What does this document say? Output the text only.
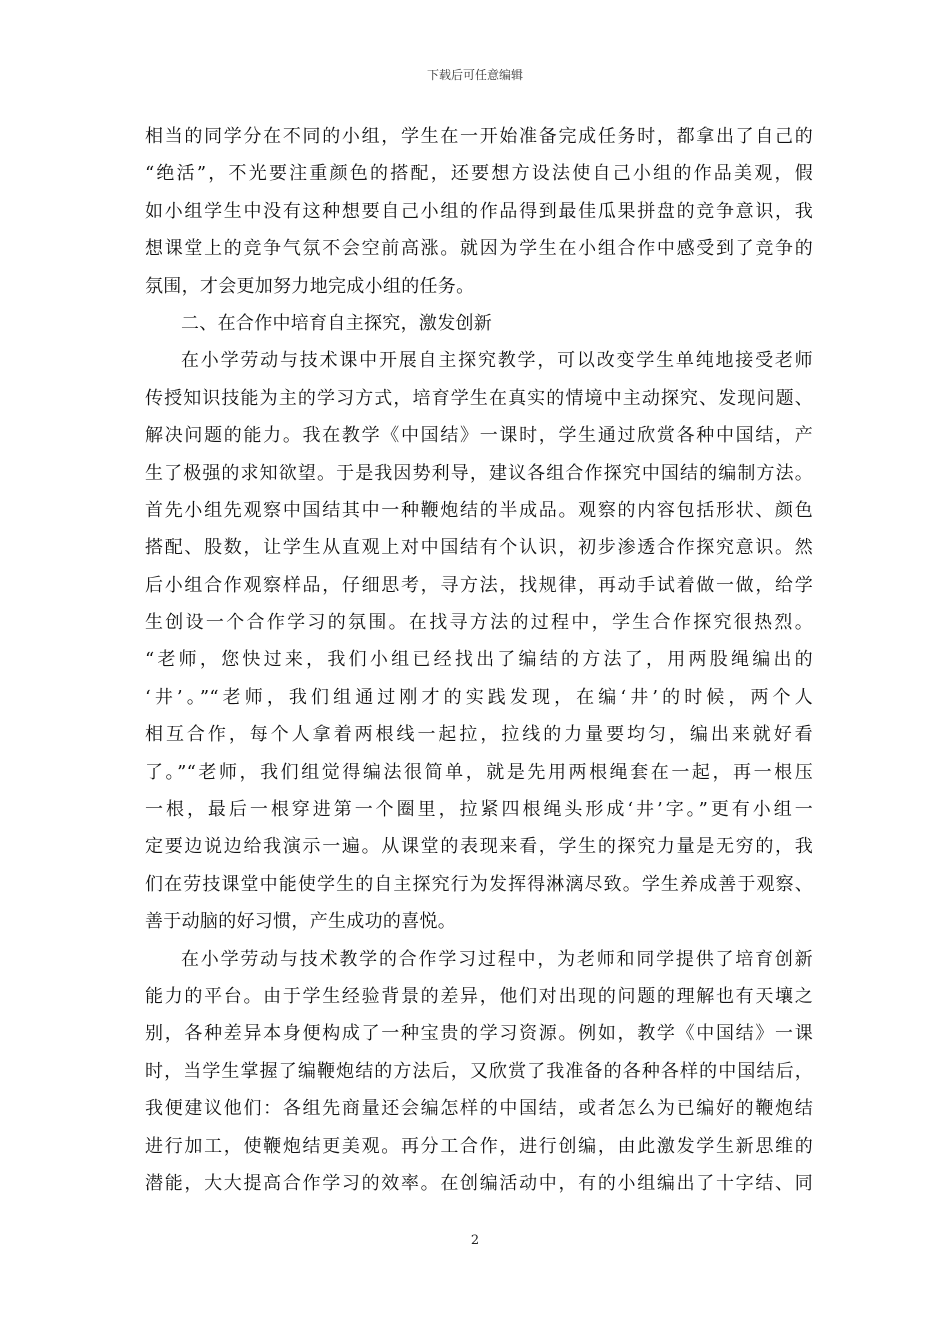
下载后可任意编辑
相当的同学分在不同的小组，学生在一开始准备完成任务时，都拿出了自己的
“绝活”，不光要注重颜色的搭配，还要想方设法使自己小组的作品美观，假
如小组学生中没有这种想要自己小组的作品得到最佳瓜果拼盘的竞争意识，我
想课堂上的竞争气氛不会空前高涨。就因为学生在小组合作中感受到了竞争的
氛围，才会更加努力地完成小组的任务。
二、在合作中培育自主探究，激发创新
在小学劳动与技术课中开展自主探究教学，可以改变学生单纯地接受老师
传授知识技能为主的学习方式，培育学生在真实的情境中主动探究、发现问题、
解决问题的能力。我在教学《中国结》一课时，学生通过欣赏各种中国结，产
生了极强的求知欲望。于是我因势利导，建议各组合作探究中国结的编制方法。
首先小组先观察中国结其中一种鞭炮结的半成品。观察的内容包括形状、颜色
搭配、股数，让学生从直观上对中国结有个认识，初步渗透合作探究意识。然
后小组合作观察样品，仔细思考，寻方法，找规律，再动手试着做一做，给学
生创设一个合作学习的氛围。在找寻方法的过程中，学生合作探究很热烈。
“老师，您快过来，我们小组已经找出了编结的方法了，用两股绳编出的
‘井’。”“老师，我们组通过刚才的实践发现，在编‘井’的时候，两个人
相互合作，每个人拿着两根线一起拉，拉线的力量要均匀，编出来就好看
了。”“老师，我们组觉得编法很简单，就是先用两根绳套在一起，再一根压
一根，最后一根穿进第一个圈里，拉紧四根绳头形成‘井’字。”更有小组一
定要边说边给我演示一遍。从课堂的表现来看，学生的探究力量是无穷的，我
们在劳技课堂中能使学生的自主探究行为发挥得淋漓尽致。学生养成善于观察、
善于动脑的好习惯，产生成功的喜悦。
在小学劳动与技术教学的合作学习过程中，为老师和同学提供了培育创新
能力的平台。由于学生经验背景的差异，他们对出现的问题的理解也有天壤之
别，各种差异本身便构成了一种宝贵的学习资源。例如，教学《中国结》一课
时，当学生掌握了编鞭炮结的方法后，又欣赏了我准备的各种各样的中国结后，
我便建议他们：各组先商量还会编怎样的中国结，或者怎么为已编好的鞭炮结
进行加工，使鞭炮结更美观。再分工合作，进行创编，由此激发学生新思维的
潜能，大大提高合作学习的效率。在创编活动中，有的小组编出了十字结、同
2
